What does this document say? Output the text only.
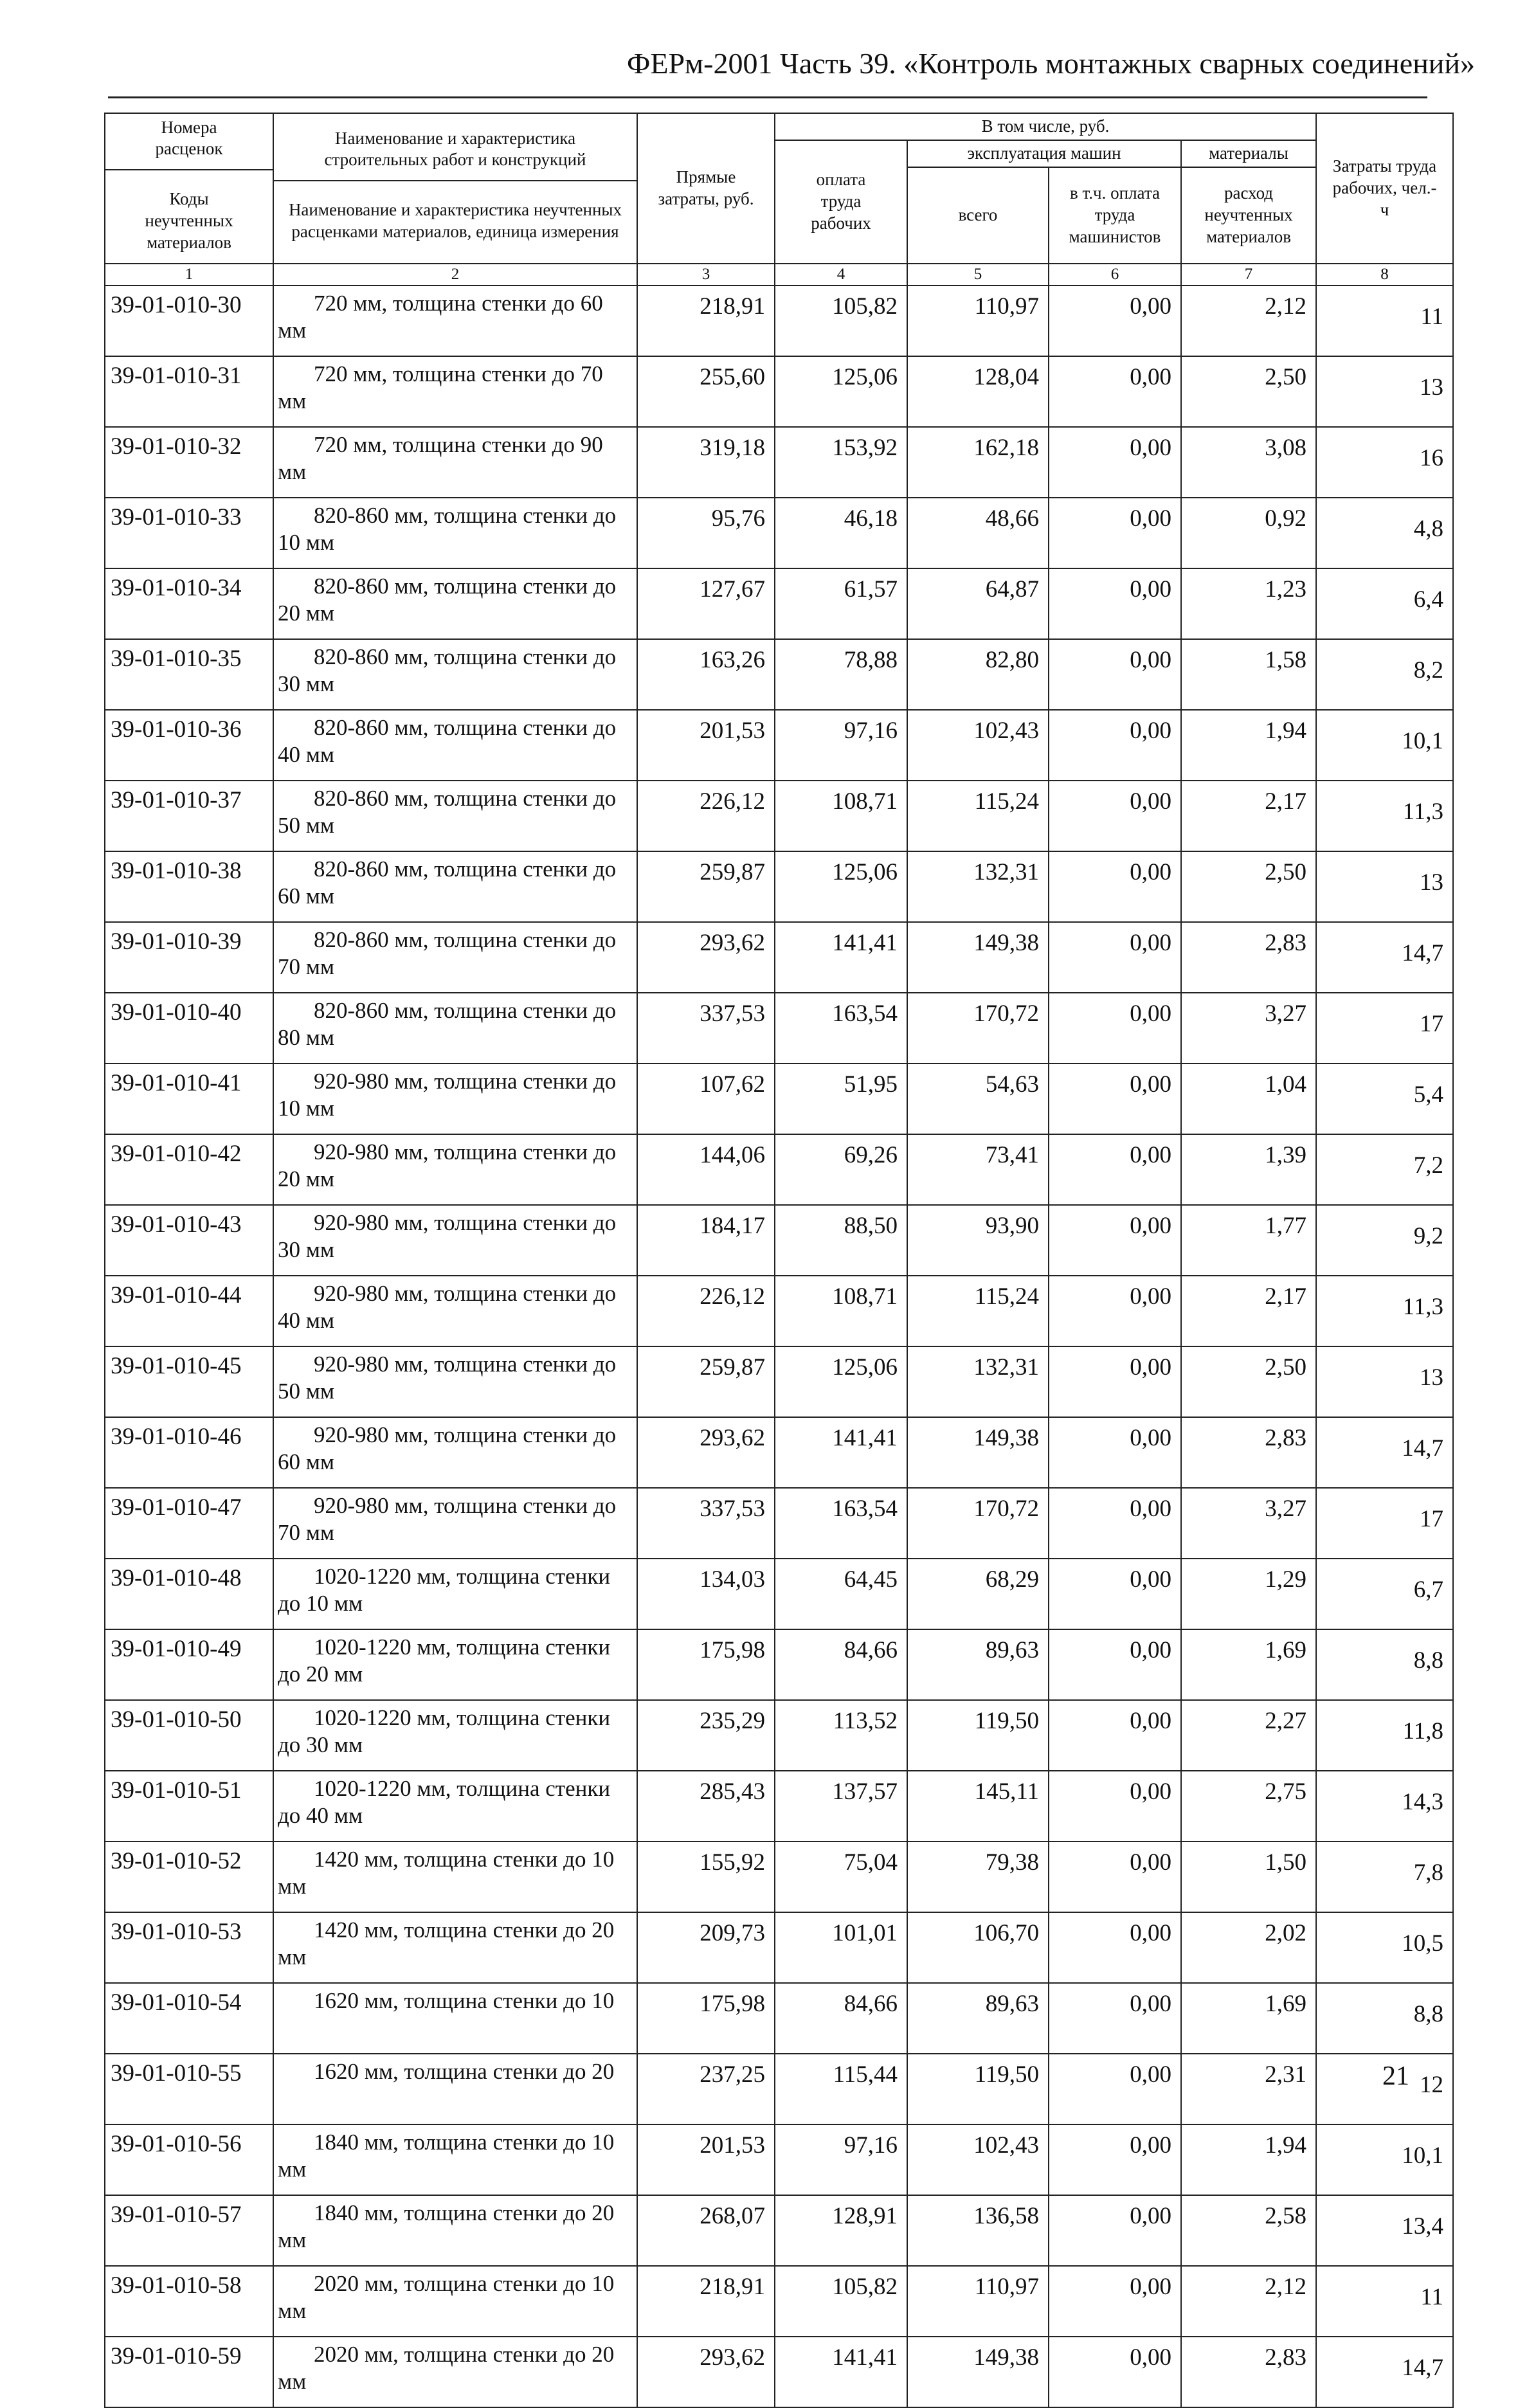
ФЕРм-2001 Часть 39. «Контроль монтажных сварных соединений»
Номера расценок
Коды неучтенных материалов	Наименование и характеристика строительных работ и конструкций
Наименование и характеристика неучтенных расценками материалов, единица измерения	Прямые затраты, руб.	В том числе, руб.				Затраты труда рабочих, чел.-ч
			оплата труда рабочих	эксплуатация машин		материалы	
				всего	в т.ч. оплата труда машинистов	расход неучтенных материалов	
1	2	3	4	5	6	7	8
39-01-010-30	720 мм, толщина стенки до 60 мм	218,91	105,82	110,97	0,00	2,12	11
39-01-010-31	720 мм, толщина стенки до 70 мм	255,60	125,06	128,04	0,00	2,50	13
39-01-010-32	720 мм, толщина стенки до 90 мм	319,18	153,92	162,18	0,00	3,08	16
39-01-010-33	820-860 мм, толщина стенки до 10 мм	95,76	46,18	48,66	0,00	0,92	4,8
39-01-010-34	820-860 мм, толщина стенки до 20 мм	127,67	61,57	64,87	0,00	1,23	6,4
39-01-010-35	820-860 мм, толщина стенки до 30 мм	163,26	78,88	82,80	0,00	1,58	8,2
39-01-010-36	820-860 мм, толщина стенки до 40 мм	201,53	97,16	102,43	0,00	1,94	10,1
39-01-010-37	820-860 мм, толщина стенки до 50 мм	226,12	108,71	115,24	0,00	2,17	11,3
39-01-010-38	820-860 мм, толщина стенки до 60 мм	259,87	125,06	132,31	0,00	2,50	13
39-01-010-39	820-860 мм, толщина стенки до 70 мм	293,62	141,41	149,38	0,00	2,83	14,7
39-01-010-40	820-860 мм, толщина стенки до 80 мм	337,53	163,54	170,72	0,00	3,27	17
39-01-010-41	920-980 мм, толщина стенки до 10 мм	107,62	51,95	54,63	0,00	1,04	5,4
39-01-010-42	920-980 мм, толщина стенки до 20 мм	144,06	69,26	73,41	0,00	1,39	7,2
39-01-010-43	920-980 мм, толщина стенки до 30 мм	184,17	88,50	93,90	0,00	1,77	9,2
39-01-010-44	920-980 мм, толщина стенки до 40 мм	226,12	108,71	115,24	0,00	2,17	11,3
39-01-010-45	920-980 мм, толщина стенки до 50 мм	259,87	125,06	132,31	0,00	2,50	13
39-01-010-46	920-980 мм, толщина стенки до 60 мм	293,62	141,41	149,38	0,00	2,83	14,7
39-01-010-47	920-980 мм, толщина стенки до 70 мм	337,53	163,54	170,72	0,00	3,27	17
39-01-010-48	1020-1220 мм, толщина стенки до 10 мм	134,03	64,45	68,29	0,00	1,29	6,7
39-01-010-49	1020-1220 мм, толщина стенки до 20 мм	175,98	84,66	89,63	0,00	1,69	8,8
39-01-010-50	1020-1220 мм, толщина стенки до 30 мм	235,29	113,52	119,50	0,00	2,27	11,8
39-01-010-51	1020-1220 мм, толщина стенки до 40 мм	285,43	137,57	145,11	0,00	2,75	14,3
39-01-010-52	1420 мм, толщина стенки до 10 мм	155,92	75,04	79,38	0,00	1,50	7,8
39-01-010-53	1420 мм, толщина стенки до 20 мм	209,73	101,01	106,70	0,00	2,02	10,5
39-01-010-54	1620 мм, толщина стенки до 10	175,98	84,66	89,63	0,00	1,69	8,8
39-01-010-55	1620 мм, толщина стенки до 20	237,25	115,44	119,50	0,00	2,31	12
39-01-010-56	1840 мм, толщина стенки до 10 мм	201,53	97,16	102,43	0,00	1,94	10,1
39-01-010-57	1840 мм, толщина стенки до 20 мм	268,07	128,91	136,58	0,00	2,58	13,4
39-01-010-58	2020 мм, толщина стенки до 10 мм	218,91	105,82	110,97	0,00	2,12	11
39-01-010-59	2020 мм, толщина стенки до 20 мм	293,62	141,41	149,38	0,00	2,83	14,7
21
